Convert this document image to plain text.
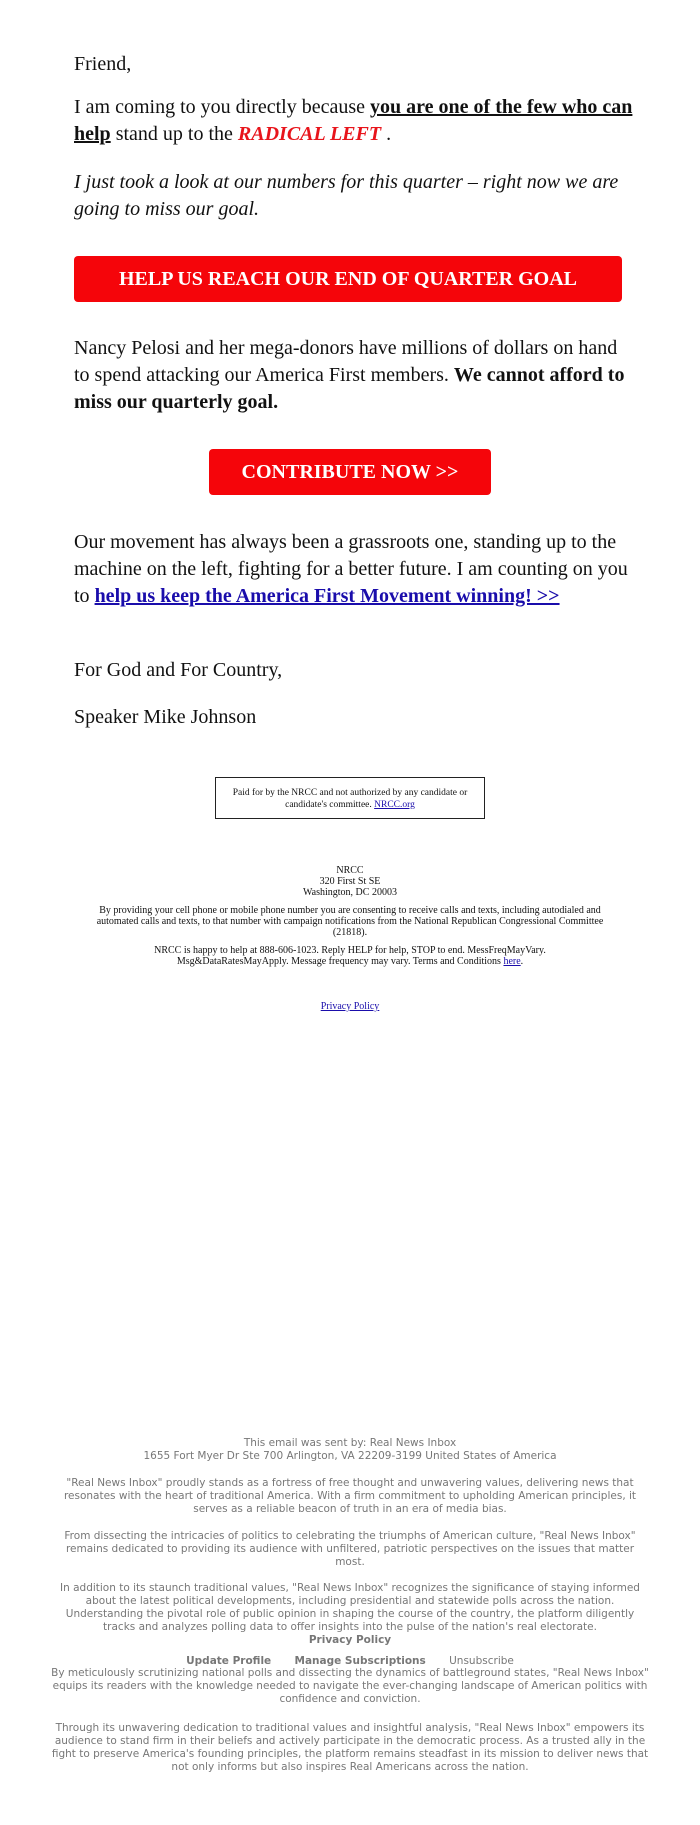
Friend,

I am coming to you directly because you are one of the few who can help stand up to the RADICAL LEFT .

I just took a look at our numbers for this quarter – right now we are going to miss our goal.

HELP US REACH OUR END OF QUARTER GOAL

Nancy Pelosi and her mega-donors have millions of dollars on hand to spend attacking our America First members. We cannot afford to miss our quarterly goal.

CONTRIBUTE NOW >>

Our movement has always been a grassroots one, standing up to the machine on the left, fighting for a better future. I am counting on you to help us keep the America First Movement winning! >>

For God and For Country,

Speaker Mike Johnson

Paid for by the NRCC and not authorized by any candidate or candidate's committee. NRCC.org
NRCC
320 First St SE
Washington, DC 20003

By providing your cell phone or mobile phone number you are consenting to receive calls and texts, including autodialed and automated calls and texts, to that number with campaign notifications from the National Republican Congressional Committee (21818).

NRCC is happy to help at 888-606-1023. Reply HELP for help, STOP to end. MessFreqMayVary. Msg&DataRatesMayApply. Message frequency may vary. Terms and Conditions here.

Privacy Policy

This email was sent by: Real News Inbox
1655 Fort Myer Dr Ste 700 Arlington, VA 22209-3199 United States of America

"Real News Inbox" proudly stands as a fortress of free thought and unwavering values, delivering news that resonates with the heart of traditional America. With a firm commitment to upholding American principles, it serves as a reliable beacon of truth in an era of media bias.

From dissecting the intricacies of politics to celebrating the triumphs of American culture, "Real News Inbox" remains dedicated to providing its audience with unfiltered, patriotic perspectives on the issues that matter most.

In addition to its staunch traditional values, "Real News Inbox" recognizes the significance of staying informed about the latest political developments, including presidential and statewide polls across the nation. Understanding the pivotal role of public opinion in shaping the course of the country, the platform diligently tracks and analyzes polling data to offer insights into the pulse of the nation's real electorate.
Privacy Policy
Update Profile Manage Subscriptions Unsubscribe

By meticulously scrutinizing national polls and dissecting the dynamics of battleground states, "Real News Inbox" equips its readers with the knowledge needed to navigate the ever-changing landscape of American politics with confidence and conviction.

Through its unwavering dedication to traditional values and insightful analysis, "Real News Inbox" empowers its audience to stand firm in their beliefs and actively participate in the democratic process. As a trusted ally in the fight to preserve America's founding principles, the platform remains steadfast in its mission to deliver news that not only informs but also inspires Real Americans across the nation.
